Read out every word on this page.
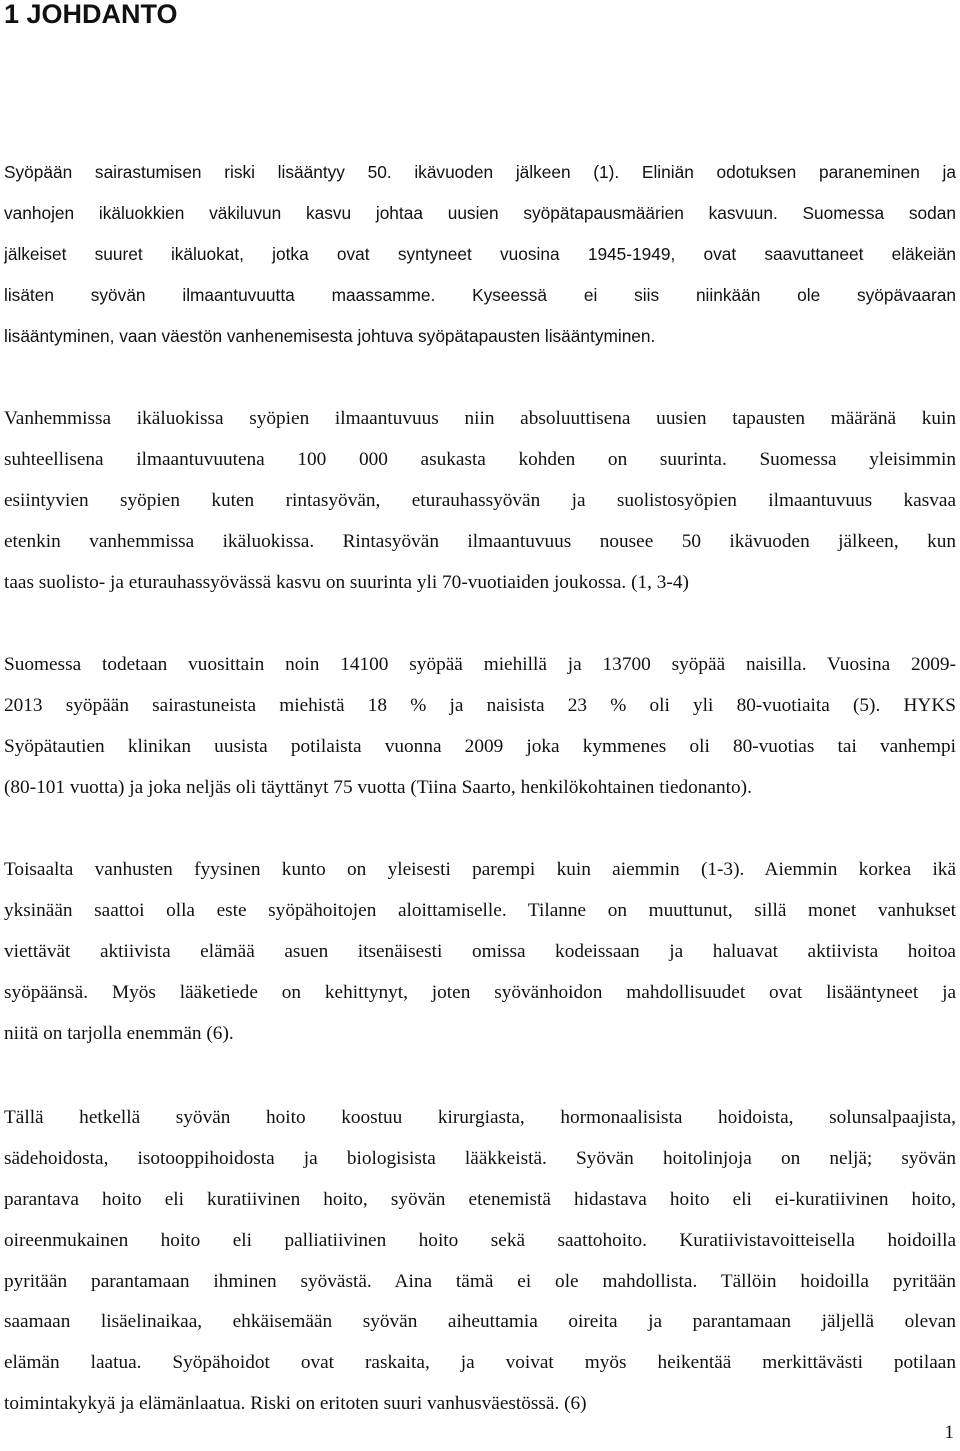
1 JOHDANTO
Syöpään sairastumisen riski lisääntyy 50. ikävuoden jälkeen (1). Eliniän odotuksen paraneminen ja
vanhojen ikäluokkien väkiluvun kasvu johtaa uusien syöpätapausmäärien kasvuun. Suomessa sodan
jälkeiset suuret ikäluokat, jotka ovat syntyneet vuosina 1945-1949, ovat saavuttaneet eläkeiän
lisäten syövän ilmaantuvuutta maassamme. Kyseessä ei siis niinkään ole syöpävaaran
lisääntyminen, vaan väestön vanhenemisesta johtuva syöpätapausten lisääntyminen.
Vanhemmissa ikäluokissa syöpien ilmaantuvuus niin absoluuttisena uusien tapausten määränä kuin
suhteellisena ilmaantuvuutena 100 000 asukasta kohden on suurinta. Suomessa yleisimmin
esiintyvien syöpien kuten rintasyövän, eturauhassyövän ja suolistosyöpien ilmaantuvuus kasvaa
etenkin vanhemmissa ikäluokissa. Rintasyövän ilmaantuvuus nousee 50 ikävuoden jälkeen, kun
taas suolisto- ja eturauhassyövässä kasvu on suurinta yli 70-vuotiaiden joukossa. (1, 3-4)
Suomessa todetaan vuosittain noin 14100 syöpää miehillä ja 13700 syöpää naisilla. Vuosina 2009-
2013 syöpään sairastuneista miehistä 18 % ja naisista 23 % oli yli 80-vuotiaita (5). HYKS
Syöpätautien klinikan uusista potilaista vuonna 2009 joka kymmenes oli 80-vuotias tai vanhempi
(80-101 vuotta) ja joka neljäs oli täyttänyt 75 vuotta (Tiina Saarto, henkilökohtainen tiedonanto).
Toisaalta vanhusten fyysinen kunto on yleisesti parempi kuin aiemmin (1-3). Aiemmin korkea ikä
yksinään saattoi olla este syöpähoitojen aloittamiselle. Tilanne on muuttunut, sillä monet vanhukset
viettävät aktiivista elämää asuen itsenäisesti omissa kodeissaan ja haluavat aktiivista hoitoa
syöpäänsä. Myös lääketiede on kehittynyt, joten syövänhoidon mahdollisuudet ovat lisääntyneet ja
niitä on tarjolla enemmän (6).
Tällä hetkellä syövän hoito koostuu kirurgiasta, hormonaalisista hoidoista, solunsalpaajista,
sädehoidosta, isotooppihoidosta ja biologisista lääkkeistä. Syövän hoitolinjoja on neljä; syövän
parantava hoito eli kuratiivinen hoito, syövän etenemistä hidastava hoito eli ei-kuratiivinen hoito,
oireenmukainen hoito eli palliatiivinen hoito sekä saattohoito. Kuratiivistavoitteisella hoidoilla
pyritään parantamaan ihminen syövästä. Aina tämä ei ole mahdollista. Tällöin hoidoilla pyritään
saamaan lisäelinaikaa, ehkäisemään syövän aiheuttamia oireita ja parantamaan jäljellä olevan
elämän laatua. Syöpähoidot ovat raskaita, ja voivat myös heikentää merkittävästi potilaan
toimintakykyä ja elämänlaatua. Riski on eritoten suuri vanhusväestössä. (6)
1
